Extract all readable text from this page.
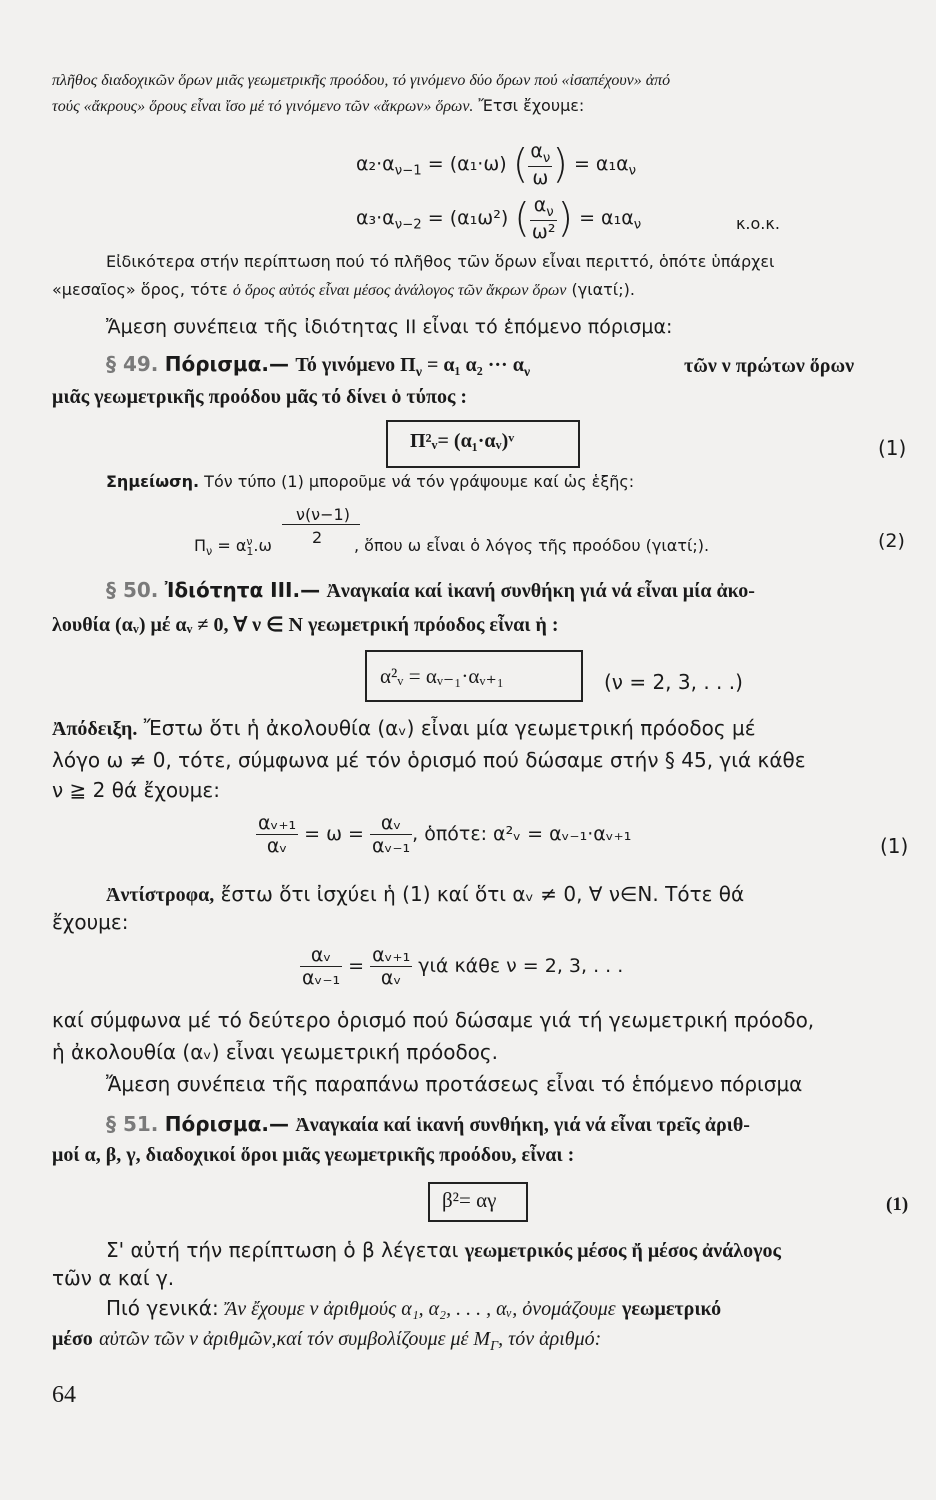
πλῆθος διαδοχικῶν ὅρων μιᾶς γεωμετρικῆς προόδου, τό γινόμενο δύο ὅρων πού «ἰσαπέχουν» ἀπό
τούς «ἄκρους» ὅρους εἶναι ἴσο μέ τό γινόμενο τῶν «ἄκρων» ὅρων. Ἔτσι ἔχουμε:
$\alpha_2\cdot\alpha_{\nu-1} = (\alpha_1\cdot\omega)$ ( $\frac{\alpha_\nu}{\omega}$ ) = $\alpha_1\alpha_\nu$
$\alpha_3\cdot\alpha_{\nu-2} = (\alpha_1\omega^2)$ ( $\frac{\alpha_\nu}{\text{ω²}}$ ) = $\alpha_1\alpha_\nu$	κ.ο.κ.
Εἰδικότερα στήν περίπτωση πού τό πλῆθος τῶν ὅρων εἶναι περιττό, ὁπότε ὑπάρχει
«μεσαῖος» ὅρος, τότε ὁ ὅρος αὐτός εἶναι μέσος ἀνάλογος τῶν ἄκρων ὅρων (γιατί;).
Ἄμεση συνέπεια τῆς ἰδιότητας ΙΙ εἶναι τό ἑπόμενο πόρισμα:
§ 49. Πόρισμα.— Τό γινόμενο $\Pi_\nu = \alpha_1$ α₂ ··· $\alpha_\nu$	τῶν ν πρώτων ὅρων
μιᾶς γεωμετρικῆς προόδου μᾶς τό δίνει ὁ τύπος :
Π²ᵥ= (α₁·αᵥ)ᵛ	(1)
Σημείωση. Τόν τύπο (1) μποροῦμε νά τόν γράψουμε καί ὡς ἑξῆς:
ν(ν−1)
2
$\Pi_\nu = \alpha$ ν
1 .ω	, ὅπου ω εἶναι ὁ λόγος τῆς προόδου (γιατί;).	(2)
§ 50. Ἰδιότητα ΙΙΙ.— Ἀναγκαία καί ἱκανή συνθήκη γιά νά εἶναι μία ἀκο-
λουθία (αᵥ) μέ αᵥ ≠ 0, ∀ ν ∈ Ν γεωμετρική πρόοδος εἶναι ἡ :
α²ᵥ = αᵥ₋₁·αᵥ₊₁	(ν = 2, 3, . . .)
Ἀπόδειξη. Ἔστω ὅτι ἡ ἀκολουθία (αᵥ) εἶναι μία γεωμετρική πρόοδος μέ
λόγο ω ≠ 0, τότε, σύμφωνα μέ τόν ὁρισμό πού δώσαμε στήν § 45, γιά κάθε
ν ≧ 2 θά ἔχουμε:
$\frac{\text{αᵥ₊₁}}{\text{αᵥ}} = \omega = \frac{\text{αᵥ}}{\text{αᵥ₋₁}}$ , ὁπότε: α²ᵥ = αᵥ₋₁·αᵥ₊₁	(1)
Ἀντίστροφα, ἔστω ὅτι ἰσχύει ἡ (1) καί ὅτι αᵥ ≠ 0, ∀ ν∈Ν. Τότε θά
ἔχουμε:
$\frac{\text{αᵥ}}{\text{αᵥ₋₁}} = \frac{\text{αᵥ₊₁}}{\text{αᵥ}}$ γιά κάθε ν = 2, 3, . . .
καί σύμφωνα μέ τό δεύτερο ὁρισμό πού δώσαμε γιά τή γεωμετρική πρόοδο,
ἡ ἀκολουθία (αᵥ) εἶναι γεωμετρική πρόοδος.
Ἄμεση συνέπεια τῆς παραπάνω προτάσεως εἶναι τό ἑπόμενο πόρισμα
§ 51. Πόρισμα.— Ἀναγκαία καί ἱκανή συνθήκη, γιά νά εἶναι τρεῖς ἀριθ-
μοί α, β, γ, διαδοχικοί ὅροι μιᾶς γεωμετρικῆς προόδου, εἶναι :
β²= αγ	(1)
Σ' αὐτή τήν περίπτωση ὁ β λέγεται γεωμετρικός μέσος ἤ μέσος ἀνάλογος
τῶν α καί γ.
Πιό γενικά: Ἄν ἔχουμε ν ἀριθμούς α₁, α₂, . . . , αᵥ, ὀνομάζουμε γεωμετρικό
μέσο αὐτῶν τῶν ν ἀριθμῶν,καί τόν συμβολίζουμε μέ $M_\Gamma$, τόν ἀριθμό:
64
